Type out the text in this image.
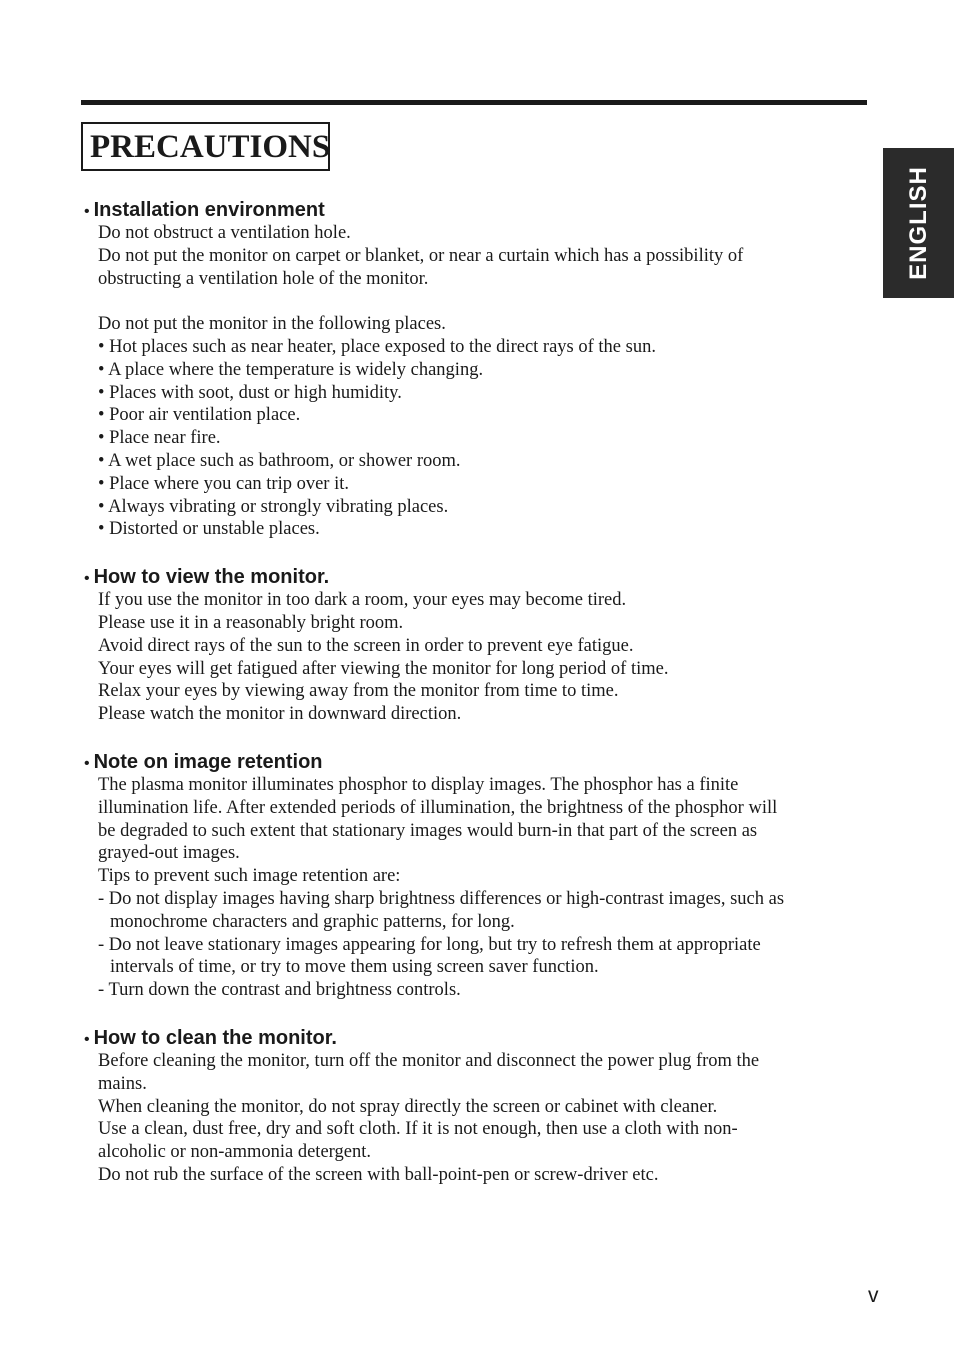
PRECAUTIONS
ENGLISH
• Installation environment
Do not obstruct a ventilation hole.
Do not put the monitor on carpet or blanket, or near a curtain which has a possibility of
obstructing a ventilation hole of the monitor.
Do not put the monitor in the following places.
• Hot places such as near heater, place exposed to the direct rays of the sun.
• A place where the temperature is widely changing.
• Places with soot, dust or high humidity.
• Poor air ventilation place.
• Place near fire.
• A wet place such as bathroom, or shower room.
• Place where you can trip over it.
• Always vibrating or strongly vibrating places.
• Distorted or unstable places.
• How to view the monitor.
If you use the monitor in too dark a room, your eyes may become tired.
Please use it in a reasonably bright room.
Avoid direct rays of the sun to the screen in order to prevent eye fatigue.
Your eyes will get fatigued after viewing the monitor for long period of time.
Relax your eyes by viewing away from the monitor from time to time.
Please watch the monitor in downward direction.
• Note on image retention
The plasma monitor illuminates phosphor to display images. The phosphor has a finite
illumination life. After extended periods of illumination, the brightness of the phosphor will
be degraded to such extent that stationary images would burn-in that part of the screen as
grayed-out images.
Tips to prevent such image retention are:
- Do not display images having sharp brightness differences or high-contrast images, such as
monochrome characters and graphic patterns, for long.
- Do not leave stationary images appearing for long, but try to refresh them at appropriate
intervals of time, or try to move them using screen saver function.
- Turn down the contrast and brightness controls.
• How to clean the monitor.
Before cleaning the monitor, turn off the monitor and disconnect the power plug from the
mains.
When cleaning the monitor, do not spray directly the screen or cabinet with cleaner.
Use a clean, dust free, dry and soft cloth. If it is not enough, then use a cloth with non-
alcoholic or non-ammonia detergent.
Do not rub the surface of the screen with ball-point-pen or screw-driver etc.
v
